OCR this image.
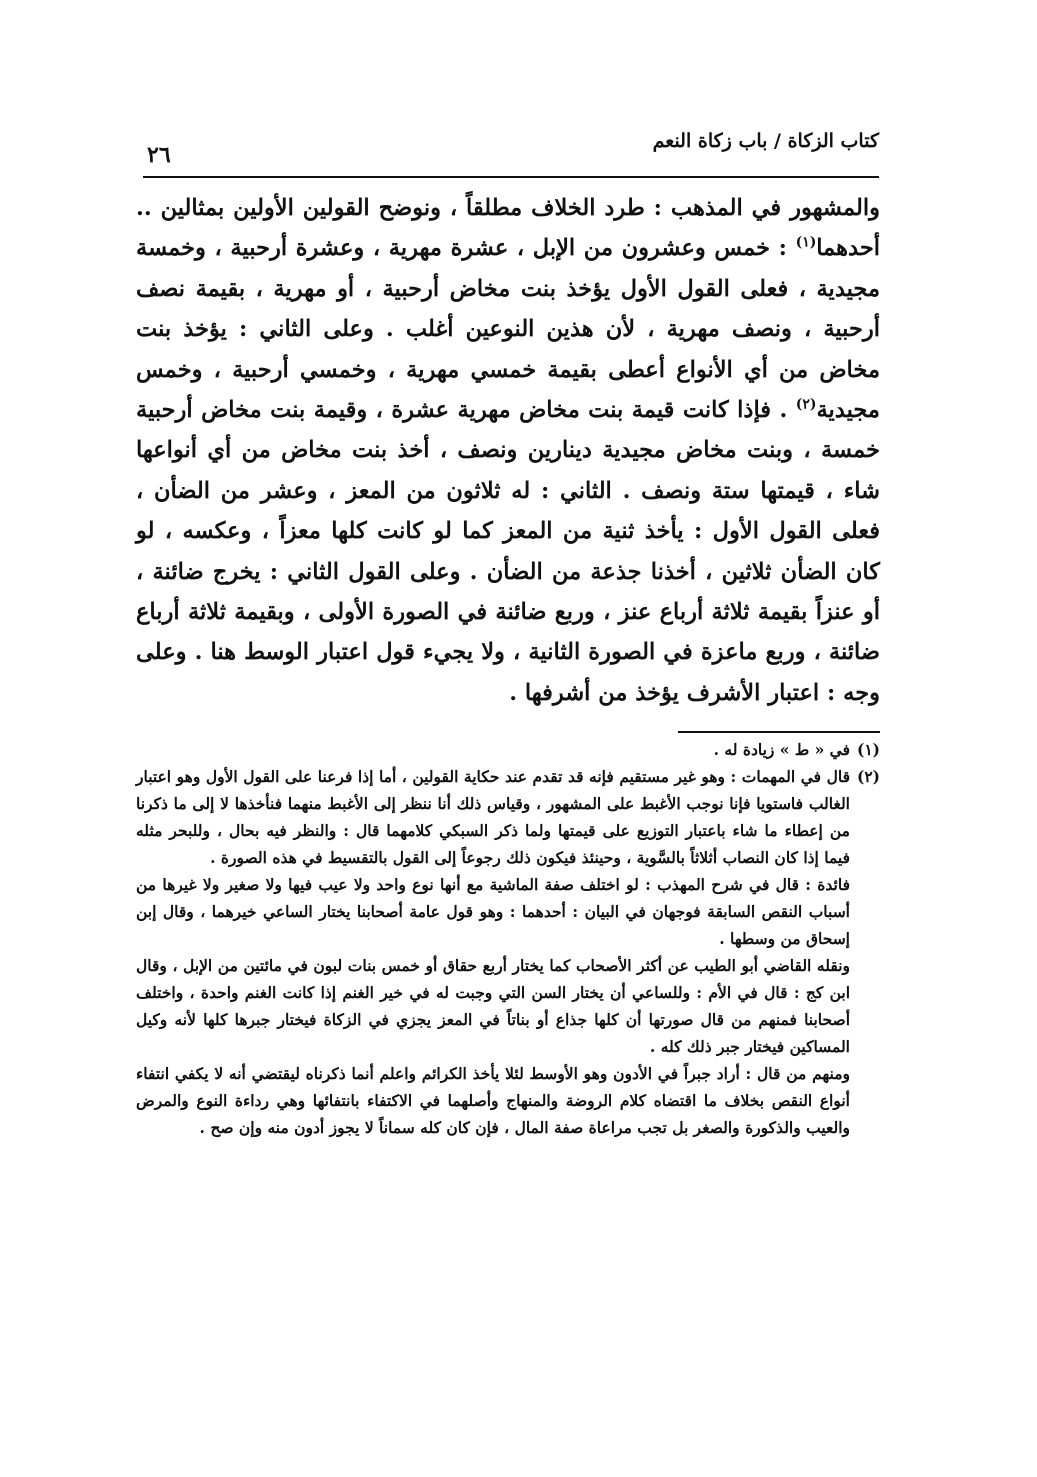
كتاب الزكاة / باب زكاة النعم
٢٦

والمشهور في المذهب : طرد الخلاف مطلقاً ، ونوضح القولين الأولين بمثالين .. أحدهما$^{(١)}$ : خمس وعشرون من الإبل ، عشرة مهرية ، وعشرة أرحبية ، وخمسة مجيدية ، فعلى القول الأول يؤخذ بنت مخاض أرحبية ، أو مهرية ، بقيمة نصف أرحبية ، ونصف مهرية ، لأن هذين النوعين أغلب . وعلى الثاني : يؤخذ بنت مخاض من أي الأنواع أعطى بقيمة خمسي مهرية ، وخمسي أرحبية ، وخمس مجيدية$^{(٢)}$ . فإذا كانت قيمة بنت مخاض مهرية عشرة ، وقيمة بنت مخاض أرحبية خمسة ، وبنت مخاض مجيدية دينارين ونصف ، أخذ بنت مخاض من أي أنواعها شاء ، قيمتها ستة ونصف . الثاني : له ثلاثون من المعز ، وعشر من الضأن ، فعلى القول الأول : يأخذ ثنية من المعز كما لو كانت كلها معزاً ، وعكسه ، لو كان الضأن ثلاثين ، أخذنا جذعة من الضأن . وعلى القول الثاني : يخرج ضائنة ، أو عنزاً بقيمة ثلاثة أرباع عنز ، وربع ضائنة في الصورة الأولى ، وبقيمة ثلاثة أرباع ضائنة ، وربع ماعزة في الصورة الثانية ، ولا يجيء قول اعتبار الوسط هنا . وعلى وجه : اعتبار الأشرف يؤخذ من أشرفها .

(١)

في « ط » زيادة له .

(٢)

قال في المهمات : وهو غير مستقيم فإنه قد تقدم عند حكاية القولين ، أما إذا فرعنا على القول الأول وهو اعتبار الغالب فاستويا فإنا نوجب الأغبط على المشهور ، وقياس ذلك أنا ننظر إلى الأغبط منهما فنأخذها لا إلى ما ذكرنا من إعطاء ما شاء باعتبار التوزيع على قيمتها ولما ذكر السبكي كلامهما قال : والنظر فيه بحال ، وللبحر مثله فيما إذا كان النصاب أثلاثاً بالسَّوية ، وحينئذ فيكون ذلك رجوعاً إلى القول بالتقسيط في هذه الصورة .

فائدة : قال في شرح المهذب : لو اختلف صفة الماشية مع أنها نوع واحد ولا عيب فيها ولا صغير ولا غيرها من أسباب النقص السابقة فوجهان في البيان : أحدهما : وهو قول عامة أصحابنا يختار الساعي خيرهما ، وقال إبن إسحاق من وسطها .

ونقله القاضي أبو الطيب عن أكثر الأصحاب كما يختار أربع حقاق أو خمس بنات لبون في مائتين من الإبل ، وقال ابن كج : قال في الأم : وللساعي أن يختار السن التي وجبت له في خير الغنم إذا كانت الغنم واحدة ، واختلف أصحابنا فمنهم من قال صورتها أن كلها جذاع أو بناتاً في المعز يجزي في الزكاة فيختار جبرها كلها لأنه وكيل المساكين فيختار جبر ذلك كله .

ومنهم من قال : أراد جبراً في الأدون وهو الأوسط لئلا يأخذ الكرائم واعلم أنما ذكرناه ليقتضي أنه لا يكفي انتفاء أنواع النقص بخلاف ما اقتضاه كلام الروضة والمنهاج وأصلهما في الاكتفاء بانتفائها وهي رداءة النوع والمرض والعيب والذكورة والصغر بل تجب مراعاة صفة المال ، فإن كان كله سماناً لا يجوز أدون منه وإن صح .
